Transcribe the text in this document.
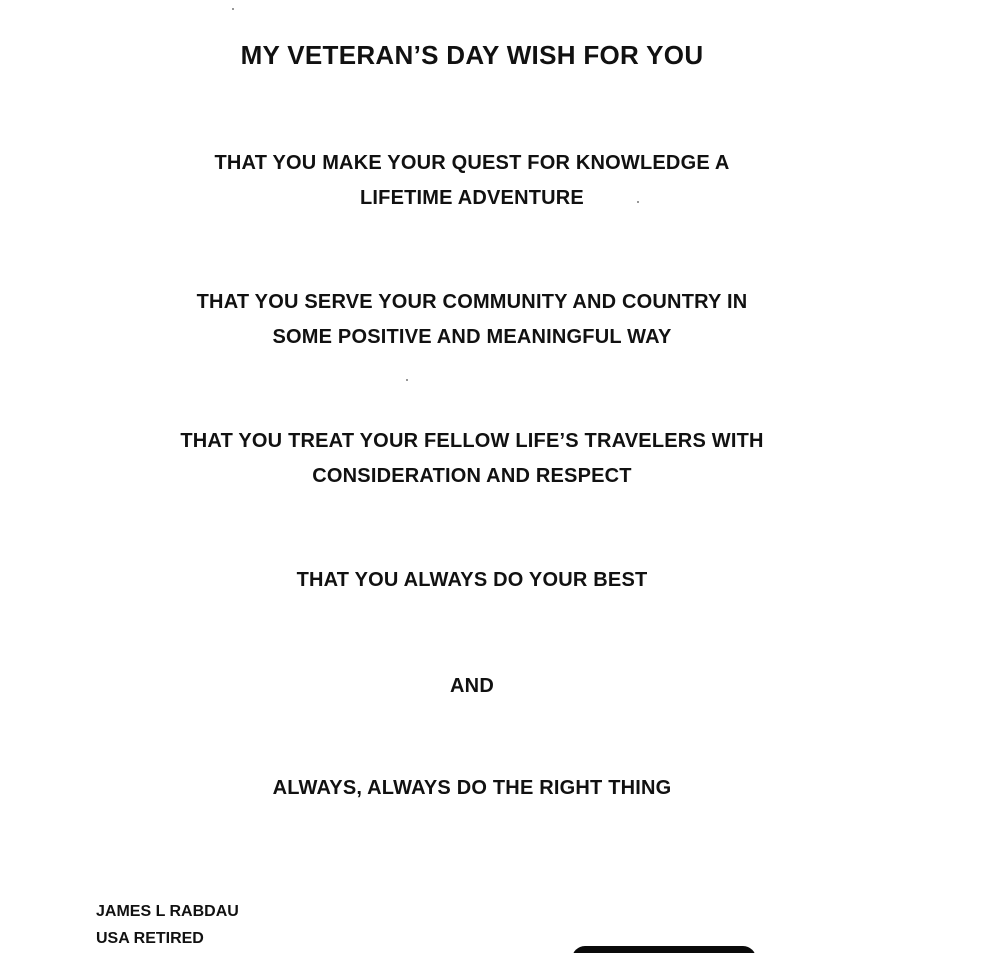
MY VETERAN’S DAY WISH FOR YOU
THAT YOU MAKE YOUR QUEST FOR KNOWLEDGE A
LIFETIME ADVENTURE
THAT YOU SERVE YOUR COMMUNITY AND COUNTRY IN
SOME POSITIVE AND MEANINGFUL WAY
THAT YOU TREAT YOUR FELLOW LIFE’S TRAVELERS WITH
CONSIDERATION AND RESPECT
THAT YOU ALWAYS DO YOUR BEST
AND
ALWAYS, ALWAYS DO THE RIGHT THING
JAMES L RABDAU
USA RETIRED
